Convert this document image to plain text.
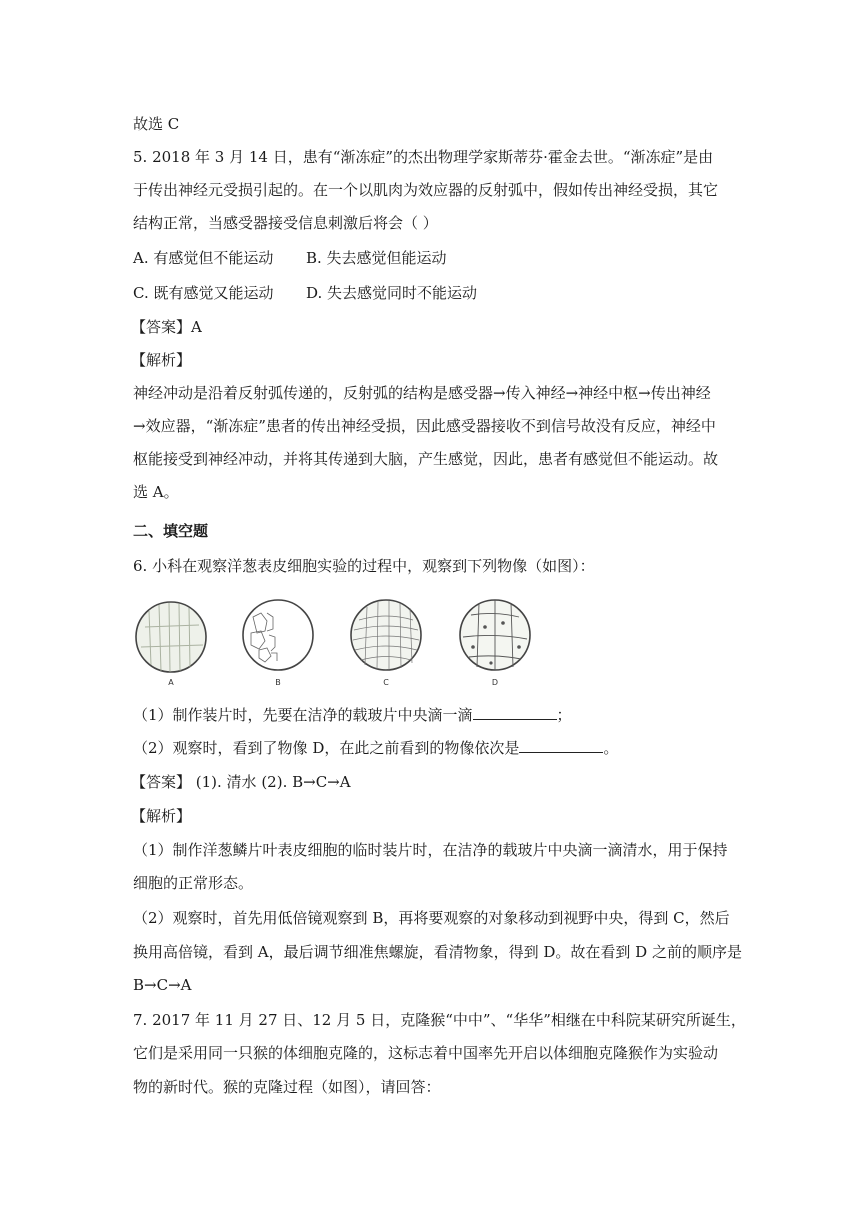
故选 C
5. 2018 年 3 月 14 日，患有“渐冻症”的杰出物理学家斯蒂芬·霍金去世。“渐冻症”是由
于传出神经元受损引起的。在一个以肌肉为效应器的反射弧中，假如传出神经受损，其它
结构正常，当感受器接受信息刺激后将会（ ）
A. 有感觉但不能运动 B. 失去感觉但能运动
C. 既有感觉又能运动 D. 失去感觉同时不能运动
【答案】A
【解析】
神经冲动是沿着反射弧传递的，反射弧的结构是感受器→传入神经→神经中枢→传出神经
→效应器，“渐冻症”患者的传出神经受损，因此感受器接收不到信号故没有反应，神经中
枢能接受到神经冲动，并将其传递到大脑，产生感觉，因此，患者有感觉但不能运动。故
选 A。
二、填空题
6. 小科在观察洋葱表皮细胞实验的过程中，观察到下列物像（如图）：
A	B	C	D
（1）制作装片时，先要在洁净的载玻片中央滴一滴	；
（2）观察时，看到了物像 D，在此之前看到的物像依次是	。
【答案】 (1). 清水 (2). B→C→A
【解析】
（1）制作洋葱鳞片叶表皮细胞的临时装片时，在洁净的载玻片中央滴一滴清水，用于保持
细胞的正常形态。
（2）观察时，首先用低倍镜观察到 B，再将要观察的对象移动到视野中央，得到 C，然后
换用高倍镜，看到 A，最后调节细准焦螺旋，看清物象，得到 D。故在看到 D 之前的顺序是
B→C→A
7. 2017 年 11 月 27 日、12 月 5 日，克隆猴“中中”、“华华”相继在中科院某研究所诞生，
它们是采用同一只猴的体细胞克隆的，这标志着中国率先开启以体细胞克隆猴作为实验动
物的新时代。猴的克隆过程（如图），请回答：
